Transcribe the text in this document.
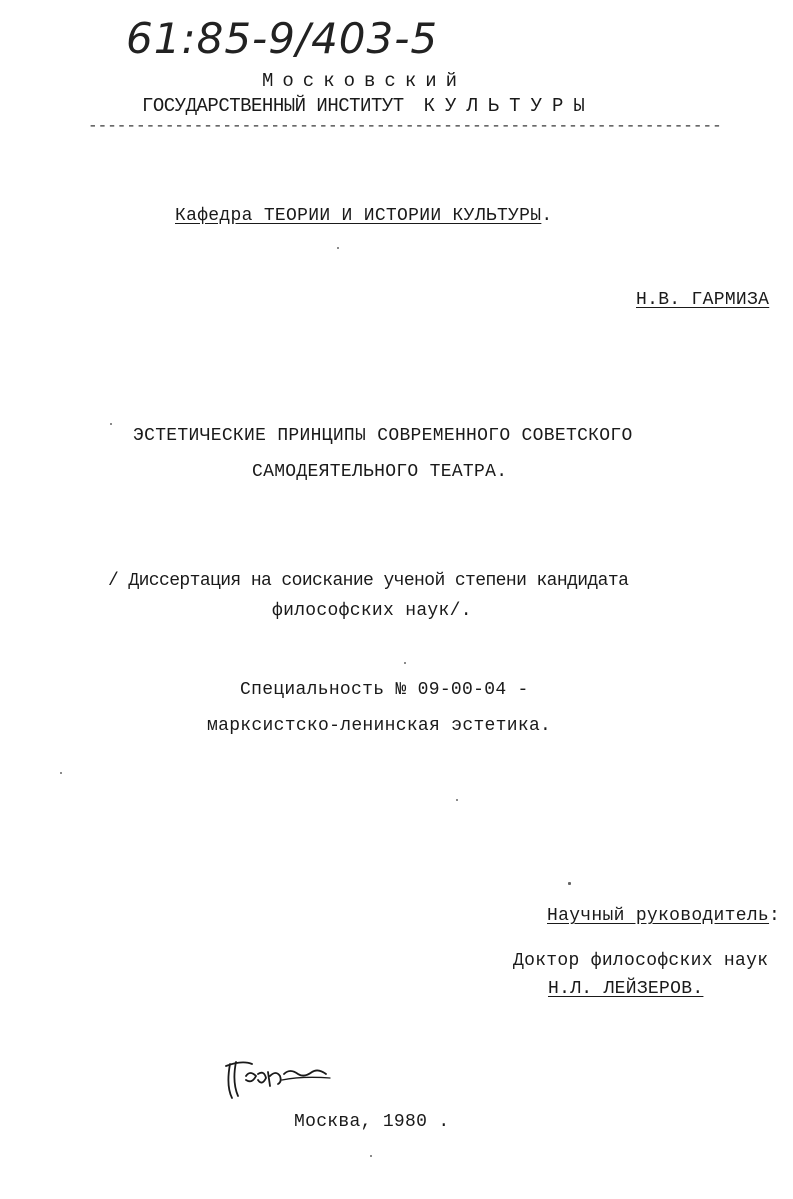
61:85-9/403-5
Московский
ГОСУДАРСТВЕННЫЙ ИНСТИТУТ КУЛЬТУРЫ
------------------------------------------------------------------
Кафедра ТЕОРИИ И ИСТОРИИ КУЛЬТУРЫ.
Н.В. ГАРМИЗА
ЭСТЕТИЧЕСКИЕ ПРИНЦИПЫ СОВРЕМЕННОГО СОВЕТСКОГО
САМОДЕЯТЕЛЬНОГО ТЕАТРА.
/ Диссертация на соискание ученой степени кандидата
философских наук/.
Специальность № 09-00-04 -
марксистско-ленинская эстетика.
Научный руководитель:
Доктор философских наук
Н.Л. ЛЕЙЗЕРОВ.
Москва, 1980 .
